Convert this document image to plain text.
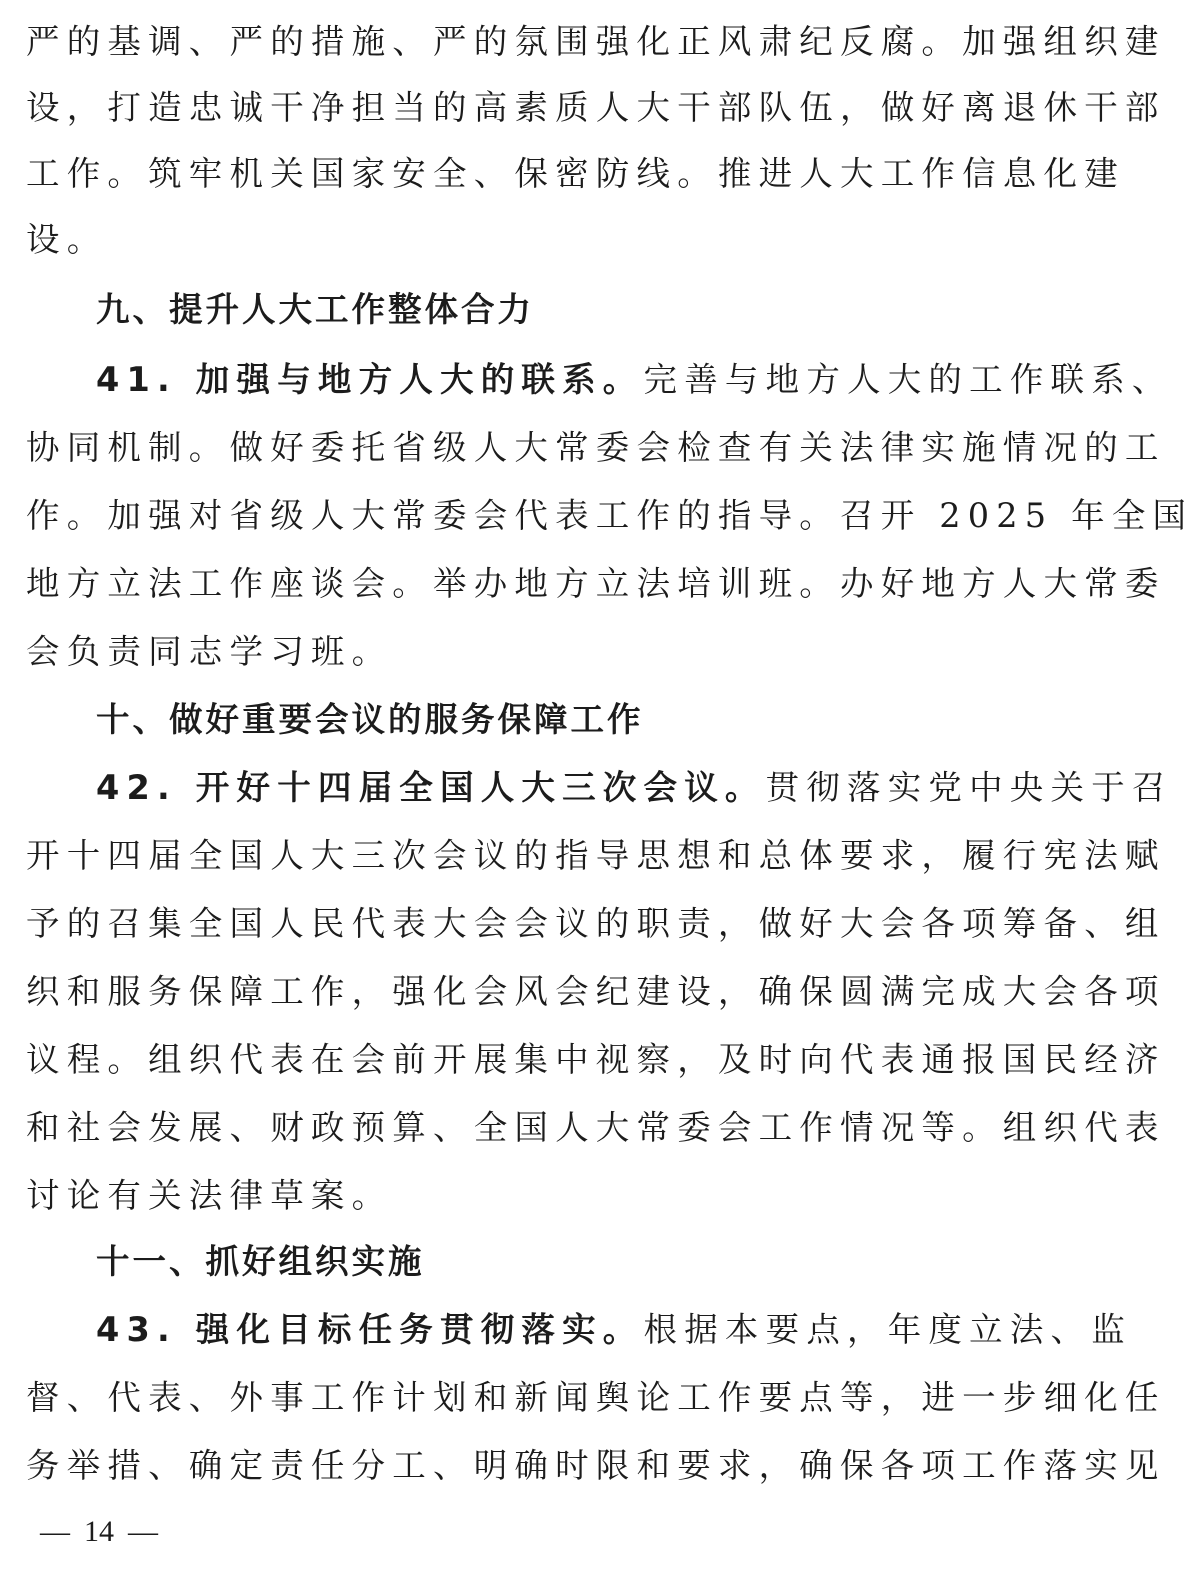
严的基调、严的措施、严的氛围强化正风肃纪反腐。加强组织建
设，打造忠诚干净担当的高素质人大干部队伍，做好离退休干部
工作。筑牢机关国家安全、保密防线。推进人大工作信息化建
设。
九、提升人大工作整体合力
41. 加强与地方人大的联系。完善与地方人大的工作联系、
协同机制。做好委托省级人大常委会检查有关法律实施情况的工
作。加强对省级人大常委会代表工作的指导。召开 2025 年全国
地方立法工作座谈会。举办地方立法培训班。办好地方人大常委
会负责同志学习班。
十、做好重要会议的服务保障工作
42. 开好十四届全国人大三次会议。贯彻落实党中央关于召
开十四届全国人大三次会议的指导思想和总体要求，履行宪法赋
予的召集全国人民代表大会会议的职责，做好大会各项筹备、组
织和服务保障工作，强化会风会纪建设，确保圆满完成大会各项
议程。组织代表在会前开展集中视察，及时向代表通报国民经济
和社会发展、财政预算、全国人大常委会工作情况等。组织代表
讨论有关法律草案。
十一、抓好组织实施
43. 强化目标任务贯彻落实。根据本要点，年度立法、监
督、代表、外事工作计划和新闻舆论工作要点等，进一步细化任
务举措、确定责任分工、明确时限和要求，确保各项工作落实见
— 14 —
